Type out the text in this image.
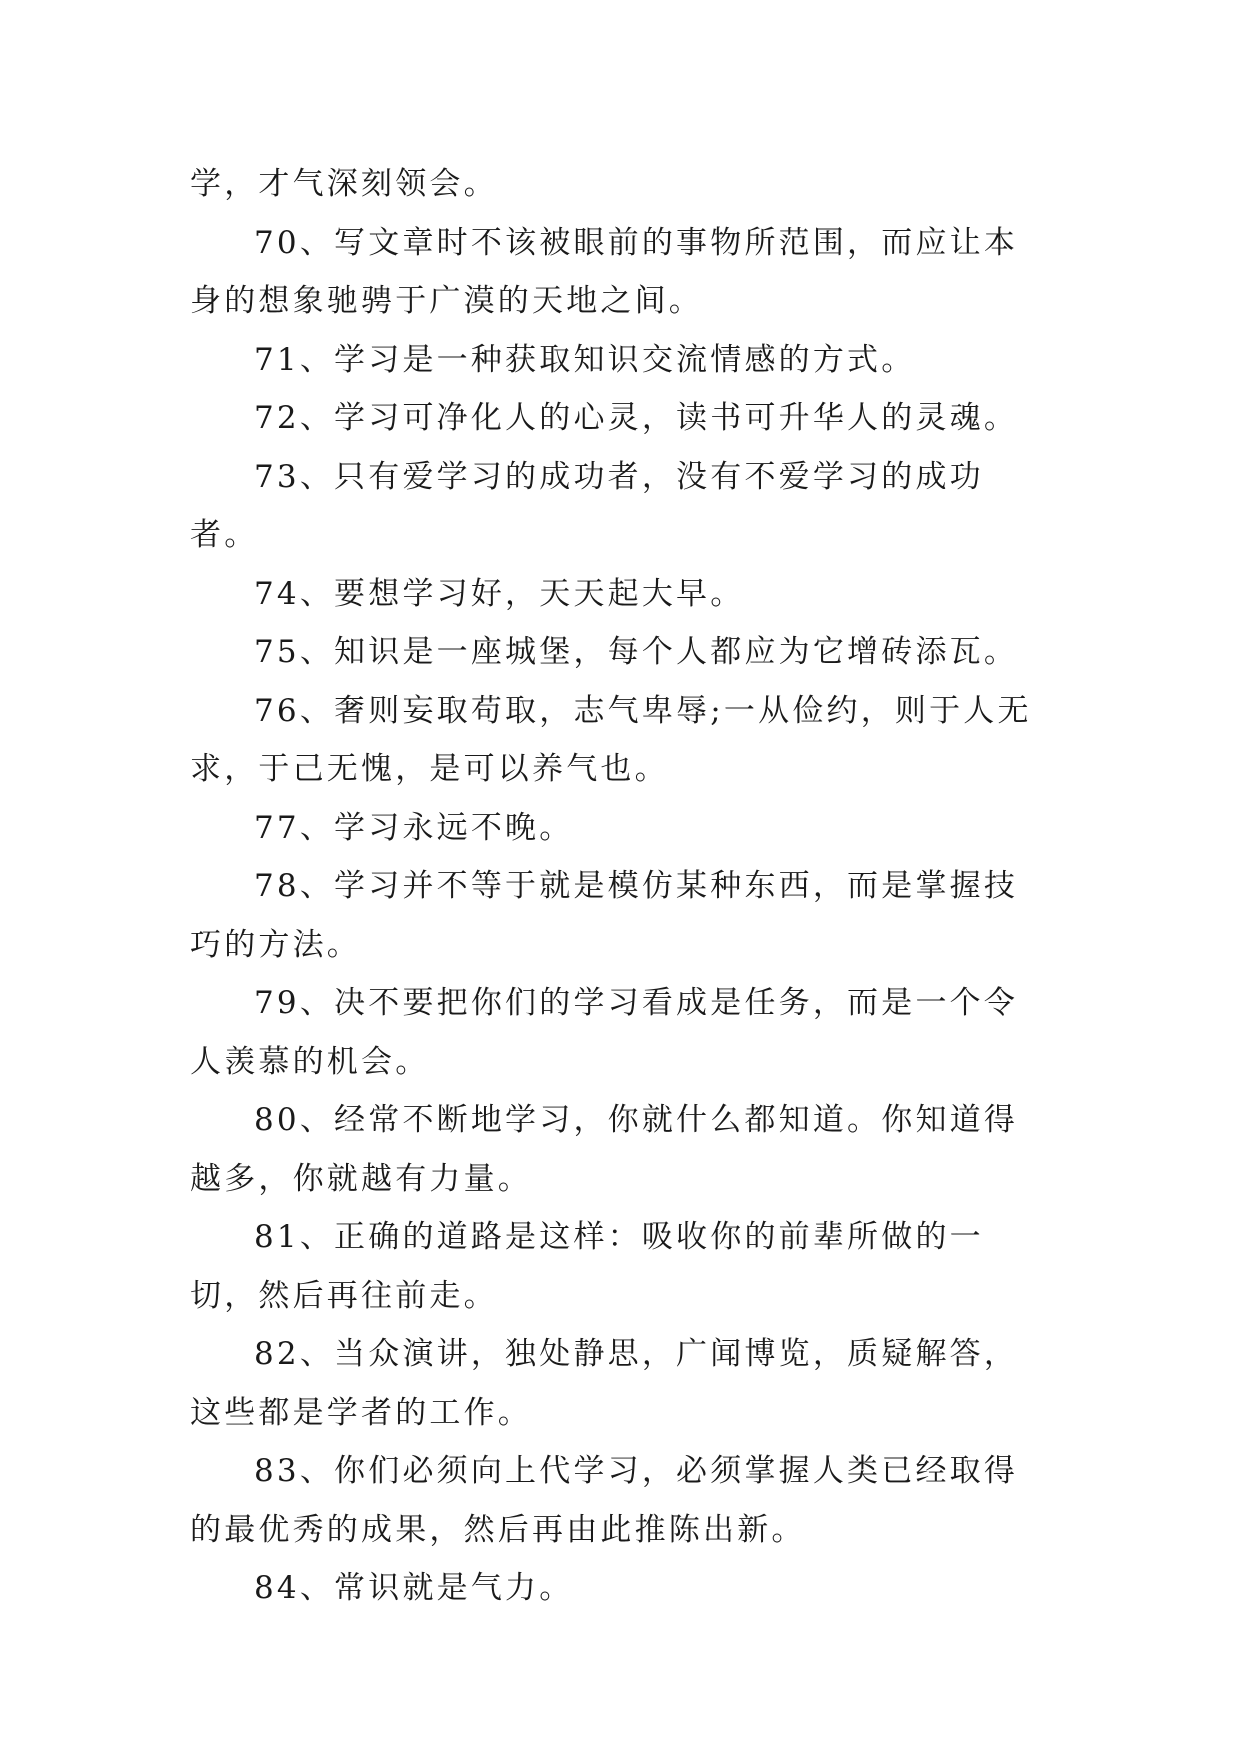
学，才气深刻领会。

70、写文章时不该被眼前的事物所范围，而应让本身的想象驰骋于广漠的天地之间。

71、学习是一种获取知识交流情感的方式。

72、学习可净化人的心灵，读书可升华人的灵魂。

73、只有爱学习的成功者，没有不爱学习的成功者。

74、要想学习好，天天起大早。

75、知识是一座城堡，每个人都应为它增砖添瓦。

76、奢则妄取苟取，志气卑辱;一从俭约，则于人无求，于己无愧，是可以养气也。

77、学习永远不晚。

78、学习并不等于就是模仿某种东西，而是掌握技巧的方法。

79、决不要把你们的学习看成是任务，而是一个令人羡慕的机会。

80、经常不断地学习，你就什么都知道。你知道得越多，你就越有力量。

81、正确的道路是这样：吸收你的前辈所做的一切，然后再往前走。

82、当众演讲，独处静思，广闻博览，质疑解答，这些都是学者的工作。

83、你们必须向上代学习，必须掌握人类已经取得的最优秀的成果，然后再由此推陈出新。

84、常识就是气力。
